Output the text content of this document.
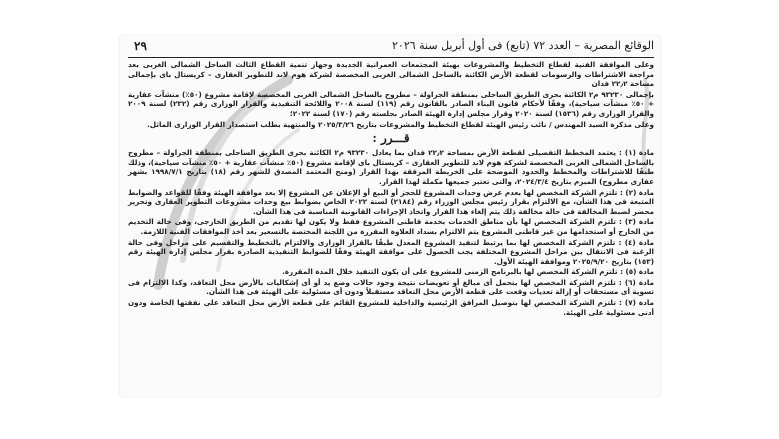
٢٩	الوقائع المصرية – العدد ٧٢ (تابع) فى أول أبريل سنة ٢٠٢٦

وعلى الموافقة الفنية لقطاع التخطيط والمشروعات بهيئة المجتمعات العمرانية الجديدة وجهاز تنمية القطاع الثالث الساحل الشمالى الغربى بعد مراجعة الاشتراطات والرسومات لقطعة الأرض الكائنة بالساحل الشمالى الغربى المخصصة لشركة هوم لاند للتطوير العقارى – كريستال باى بإجمالى مساحة ٢٢٫٢ فدان

بإجمالى ٩٣٢٣٠ م٢ الكائنة بحرى الطريق الساحلى بمنطقة الجراولة – مطروح بالساحل الشمالى الغربى المخصصة لإقامة مشروع (٥٠٪) منشآت عقارية + ٥٠٪ منشآت سياحية)، وفقًا لأحكام قانون البناء الصادر بالقانون رقم (١١٩) لسنة ٢٠٠٨ واللائحة التنفيذية والقرار الوزارى رقم (٢٣٢) لسنة ٢٠٠٩ والقرار الوزارى رقم (١٥٣٦) لسنة ٢٠٢٠ وقرار مجلس إدارة الهيئة الصادر بجلسته رقم (١٧٠) لسنة ٢٠٢٢؛

وعلى مذكرة السيد المهندس / نائب رئيس الهيئة لقطاع التخطيط والمشروعات بتاريخ ٢٠٢٥/٣/٢٦ والمنتهية بطلب استصدار القرار الوزارى الماثل.

قـــرر :

مادة (١) : يعتمد المخطط التفصيلى لقطعة الأرض بمساحة ٢٢٫٢ فدان بما يعادل ٩٣٢٣٠ م٢ الكائنة بحرى الطريق الساحلى بمنطقة الجراولة – مطروح بالساحل الشمالى الغربى المخصصة لشركة هوم لاند للتطوير العقارى – كريستال باى لإقامة مشروع (٥٠٪ منشآت عقارية + ٥٠٪ منشآت سياحية)، وذلك طبقًا للاشتراطات والمخطط والحدود الموضحة على الخريطة المرفقة بهذا القرار (ومنح المعتمد المصدق للشهر رقم (١٨) بتاريخ ١٩٩٨/٧/١ بشهر عقارى مطروح) المبرم بتاريخ ٢٠٢٤/٣/٤، والتى تعتبر جميعها مكملة لهذا القرار.

مادة (٢) : تلتزم الشركة المخصص لها بعدم عرض وحدات المشروع للحجز أو البيع أو الإعلان عن المشروع إلا بعد موافقة الهيئة وفقًا للقواعد والضوابط المتبعة فى هذا الشأن، مع الالتزام بقرار رئيس مجلس الوزراء رقم (٢١٨٤) لسنة ٢٠٢٢ الخاص بضوابط بيع وحدات مشروعات التطوير العقارى وتحرير محضر لضبط المخالفة فى حالة مخالفة ذلك يتم إلغاء هذا القرار واتخاذ الإجراءات القانونية المناسبة فى هذا الشأن.

مادة (٣) : تلتزم الشركة المخصص لها بأن مناطق الخدمات بخدمة قاطنى المشروع فقط ولا يكون لها تقديم من الطريق الخارجى، وفى حالة التخديم من الخارج أو استخدامها من غير قاطنى المشروع يتم الالتزام بسداد العلاوة المقررة من اللجنة المختصة بالتسعير بعد أخذ الموافقات الفنية اللازمة.

مادة (٤) : تلتزم الشركة المخصص لها بما يرتبط لتنفيذ المشروع المعدل طبقًا بالقرار الوزارى والالتزام بالتخطيط والتقسيم على مراحل وفى حالة الرغبة فى الانتقال بين مراحل المشروع المختلفة يجب الحصول على موافقة الهيئة وفقًا للضوابط التنفيذية الصادرة بقرار مجلس إدارة الهيئة رقم (١٥٣) بتاريخ ٢٠٢٥/٩/٢٠ وموافقة الهيئة الأول.

مادة (٥) : تلتزم الشركة المخصص لها بالبرنامج الزمنى للمشروع على أن يكون التنفيذ خلال المدة المقررة.

مادة (٦) : تلتزم الشركة المخصص لها بتحمل أى مبالغ أو تعويضات نتيجة وجود حالات وضع يد أو أى إشكاليات بالأرض محل التعاقد، وكذا الالتزام فى تسوية أى مستحقات أو إزالة تعديات وقعت على قطعة الأرض محل التعاقد مستقبلاً ودون أى مسئولية على الهيئة فى هذا الشأن.

مادة (٧) : تلتزم الشركة المخصص لها بتوصيل المرافق الرئيسية والداخلية للمشروع القائم على قطعة الأرض محل التعاقد على نفقتها الخاصة ودون أدنى مسئولية على الهيئة.
